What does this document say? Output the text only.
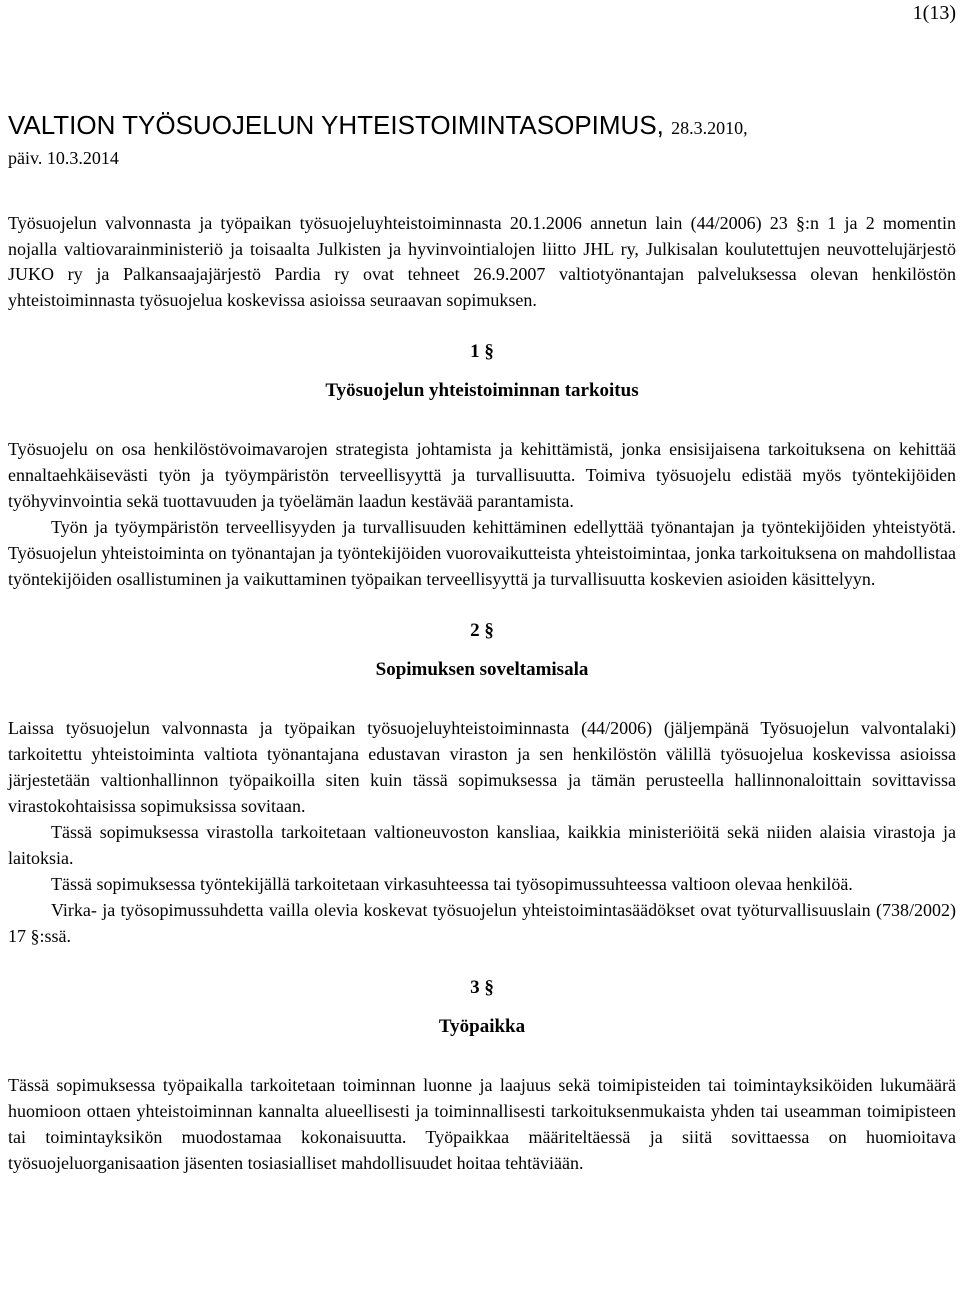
1(13)
VALTION TYÖSUOJELUN YHTEISTOIMINTASOPIMUS, 28.3.2010,
päiv. 10.3.2014

Työsuojelun valvonnasta ja työpaikan työsuojeluyhteistoiminnasta 20.1.2006 annetun lain (44/2006) 23 §:n 1 ja 2 momentin nojalla valtiovarainministeriö ja toisaalta Julkisten ja hyvinvointialojen liitto JHL ry, Julkisalan koulutettujen neuvottelujärjestö JUKO ry ja Palkansaajajärjestö Pardia ry ovat tehneet 26.9.2007 valtiotyönantajan palveluksessa olevan henkilöstön yhteistoiminnasta työsuojelua koskevissa asioissa seuraavan sopimuksen.

1 §
Työsuojelun yhteistoiminnan tarkoitus

Työsuojelu on osa henkilöstövoimavarojen strategista johtamista ja kehittämistä, jonka ensisijaisena tarkoituksena on kehittää ennaltaehkäisevästi työn ja työympäristön terveellisyyttä ja turvallisuutta. Toimiva työsuojelu edistää myös työntekijöiden työhyvinvointia sekä tuottavuuden ja työelämän laadun kestävää parantamista.

Työn ja työympäristön terveellisyyden ja turvallisuuden kehittäminen edellyttää työnantajan ja työntekijöiden yhteistyötä. Työsuojelun yhteistoiminta on työnantajan ja työntekijöiden vuorovaikutteista yhteistoimintaa, jonka tarkoituksena on mahdollistaa työntekijöiden osallistuminen ja vaikuttaminen työpaikan terveellisyyttä ja turvallisuutta koskevien asioiden käsittelyyn.

2 §
Sopimuksen soveltamisala

Laissa työsuojelun valvonnasta ja työpaikan työsuojeluyhteistoiminnasta (44/2006) (jäljempänä Työsuojelun valvontalaki) tarkoitettu yhteistoiminta valtiota työnantajana edustavan viraston ja sen henkilöstön välillä työsuojelua koskevissa asioissa järjestetään valtionhallinnon työpaikoilla siten kuin tässä sopimuksessa ja tämän perusteella hallinnonaloittain sovittavissa virastokohtaisissa sopimuksissa sovitaan.

Tässä sopimuksessa virastolla tarkoitetaan valtioneuvoston kansliaa, kaikkia ministeriöitä sekä niiden alaisia virastoja ja laitoksia.

Tässä sopimuksessa työntekijällä tarkoitetaan virkasuhteessa tai työsopimussuhteessa valtioon olevaa henkilöä.

Virka- ja työsopimussuhdetta vailla olevia koskevat työsuojelun yhteistoimintasäädökset ovat työturvallisuuslain (738/2002) 17 §:ssä.

3 §
Työpaikka

Tässä sopimuksessa työpaikalla tarkoitetaan toiminnan luonne ja laajuus sekä toimipisteiden tai toimintayksiköiden lukumäärä huomioon ottaen yhteistoiminnan kannalta alueellisesti ja toiminnallisesti tarkoituksenmukaista yhden tai useamman toimipisteen tai toimintayksikön muodostamaa kokonaisuutta. Työpaikkaa määriteltäessä ja siitä sovittaessa on huomioitava työsuojeluorganisaation jäsenten tosiasialliset mahdollisuudet hoitaa tehtäviään.
